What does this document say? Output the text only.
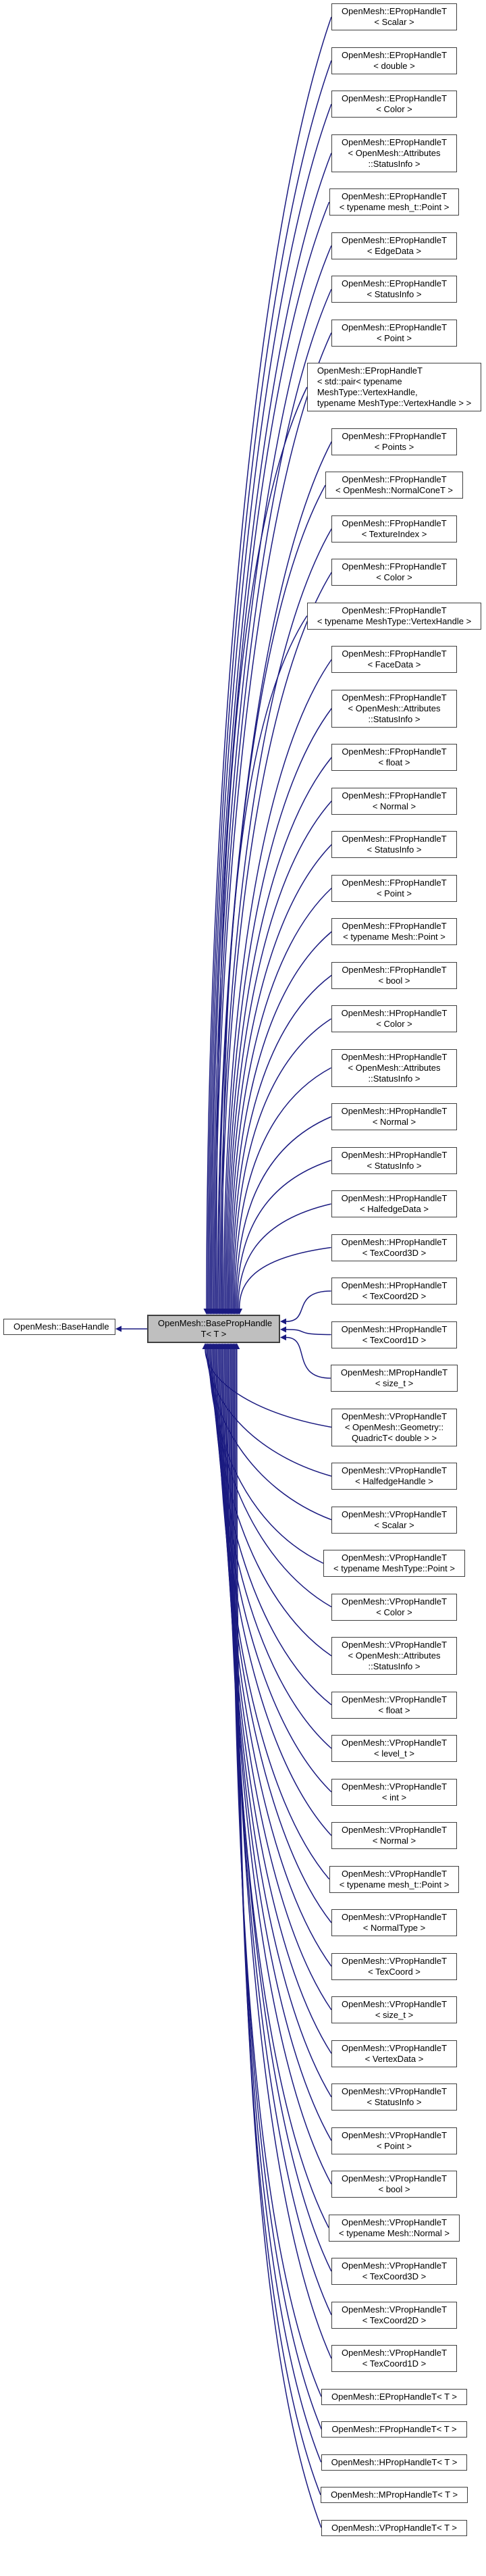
OpenMesh::BaseHandle	OpenMesh::BasePropHandle
T< T >
OpenMesh::EPropHandleT
< Scalar >
OpenMesh::EPropHandleT
< double >
OpenMesh::EPropHandleT
< Color >
OpenMesh::EPropHandleT
< OpenMesh::Attributes
::StatusInfo >
OpenMesh::EPropHandleT
< typename mesh_t::Point >
OpenMesh::EPropHandleT
< EdgeData >
OpenMesh::EPropHandleT
< StatusInfo >
OpenMesh::EPropHandleT
< Point >
OpenMesh::EPropHandleT
< std::pair< typename
MeshType::VertexHandle,
typename MeshType::VertexHandle > >
OpenMesh::FPropHandleT
< Points >
OpenMesh::FPropHandleT
< OpenMesh::NormalConeT >
OpenMesh::FPropHandleT
< TextureIndex >
OpenMesh::FPropHandleT
< Color >
OpenMesh::FPropHandleT
< typename MeshType::VertexHandle >
OpenMesh::FPropHandleT
< FaceData >
OpenMesh::FPropHandleT
< OpenMesh::Attributes
::StatusInfo >
OpenMesh::FPropHandleT
< float >
OpenMesh::FPropHandleT
< Normal >
OpenMesh::FPropHandleT
< StatusInfo >
OpenMesh::FPropHandleT
< Point >
OpenMesh::FPropHandleT
< typename Mesh::Point >
OpenMesh::FPropHandleT
< bool >
OpenMesh::HPropHandleT
< Color >
OpenMesh::HPropHandleT
< OpenMesh::Attributes
::StatusInfo >
OpenMesh::HPropHandleT
< Normal >
OpenMesh::HPropHandleT
< StatusInfo >
OpenMesh::HPropHandleT
< HalfedgeData >
OpenMesh::HPropHandleT
< TexCoord3D >
OpenMesh::HPropHandleT
< TexCoord2D >
OpenMesh::HPropHandleT
< TexCoord1D >
OpenMesh::MPropHandleT
< size_t >
OpenMesh::VPropHandleT
< OpenMesh::Geometry::
QuadricT< double > >
OpenMesh::VPropHandleT
< HalfedgeHandle >
OpenMesh::VPropHandleT
< Scalar >
OpenMesh::VPropHandleT
< typename MeshType::Point >
OpenMesh::VPropHandleT
< Color >
OpenMesh::VPropHandleT
< OpenMesh::Attributes
::StatusInfo >
OpenMesh::VPropHandleT
< float >
OpenMesh::VPropHandleT
< level_t >
OpenMesh::VPropHandleT
< int >
OpenMesh::VPropHandleT
< Normal >
OpenMesh::VPropHandleT
< typename mesh_t::Point >
OpenMesh::VPropHandleT
< NormalType >
OpenMesh::VPropHandleT
< TexCoord >
OpenMesh::VPropHandleT
< size_t >
OpenMesh::VPropHandleT
< VertexData >
OpenMesh::VPropHandleT
< StatusInfo >
OpenMesh::VPropHandleT
< Point >
OpenMesh::VPropHandleT
< bool >
OpenMesh::VPropHandleT
< typename Mesh::Normal >
OpenMesh::VPropHandleT
< TexCoord3D >
OpenMesh::VPropHandleT
< TexCoord2D >
OpenMesh::VPropHandleT
< TexCoord1D >
OpenMesh::EPropHandleT< T >
OpenMesh::FPropHandleT< T >
OpenMesh::HPropHandleT< T >
OpenMesh::MPropHandleT< T >
OpenMesh::VPropHandleT< T >
